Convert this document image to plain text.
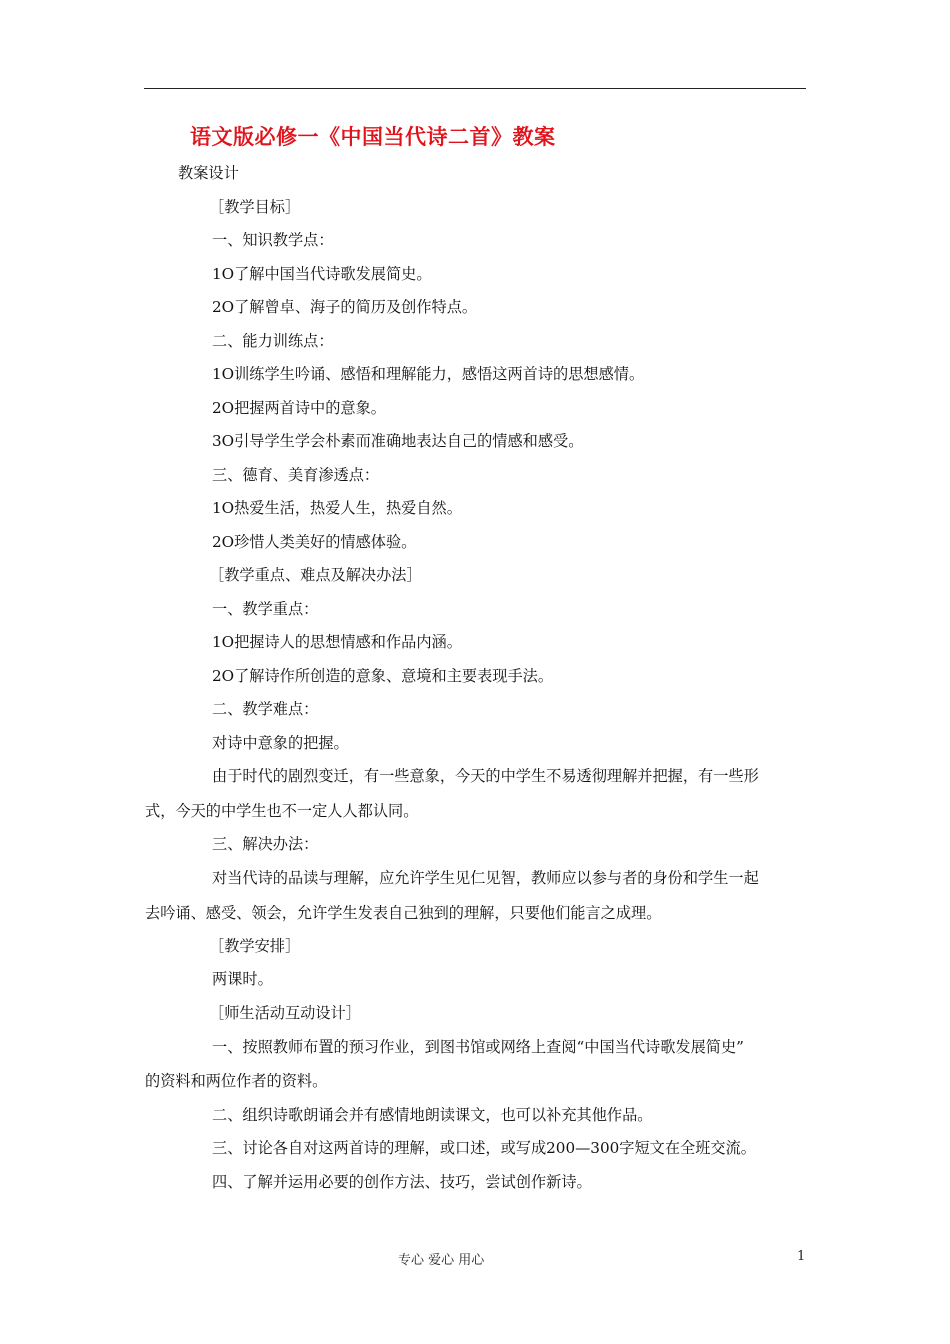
语文版必修一《中国当代诗二首》教案
教案设计
［教学目标］
一、知识教学点：
1O了解中国当代诗歌发展简史。
2O了解曾卓、海子的简历及创作特点。
二、能力训练点：
1O训练学生吟诵、感悟和理解能力，感悟这两首诗的思想感情。
2O把握两首诗中的意象。
3O引导学生学会朴素而准确地表达自己的情感和感受。
三、德育、美育渗透点：
1O热爱生活，热爱人生，热爱自然。
2O珍惜人类美好的情感体验。
［教学重点、难点及解决办法］
一、教学重点：
1O把握诗人的思想情感和作品内涵。
2O了解诗作所创造的意象、意境和主要表现手法。
二、教学难点：
对诗中意象的把握。
由于时代的剧烈变迁，有一些意象，今天的中学生不易透彻理解并把握，有一些形
式，今天的中学生也不一定人人都认同。
三、解决办法：
对当代诗的品读与理解，应允许学生见仁见智，教师应以参与者的身份和学生一起
去吟诵、感受、领会，允许学生发表自己独到的理解，只要他们能言之成理。
［教学安排］
两课时。
［师生活动互动设计］
一、按照教师布置的预习作业，到图书馆或网络上查阅“中国当代诗歌发展简史”
的资料和两位作者的资料。
二、组织诗歌朗诵会并有感情地朗读课文，也可以补充其他作品。
三、讨论各自对这两首诗的理解，或口述，或写成200—300字短文在全班交流。
四、了解并运用必要的创作方法、技巧，尝试创作新诗。
专心 爱心 用心	1
